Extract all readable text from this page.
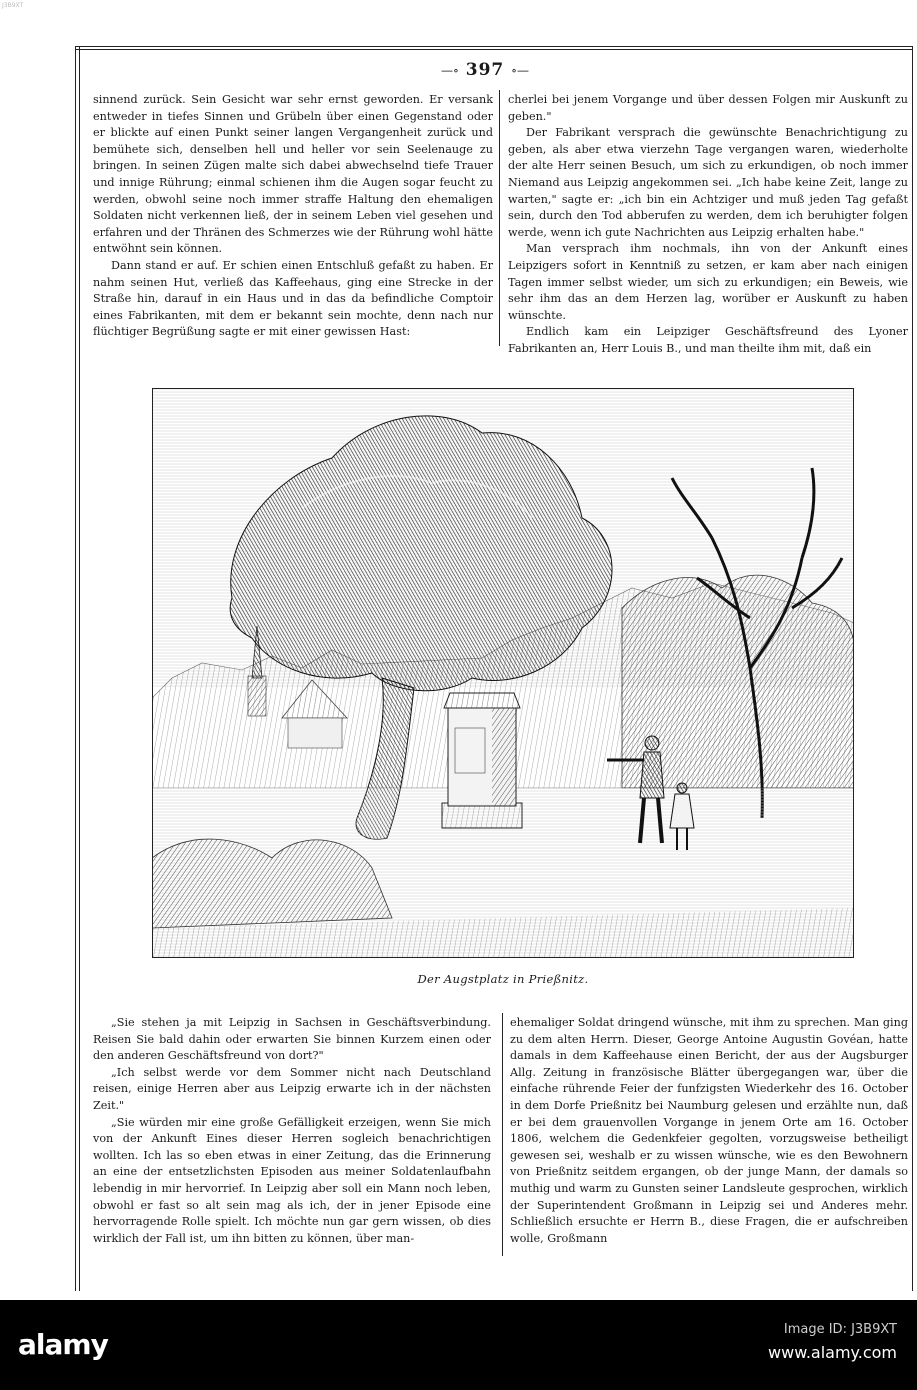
J3B9XT
—∘ 397 ∘—

sinnend zurück. Sein Gesicht war sehr ernst geworden. Er versank entweder in tiefes Sinnen und Grübeln über einen Gegenstand oder er blickte auf einen Punkt seiner langen Vergangenheit zurück und bemühete sich, denselben hell und heller vor sein Seelenauge zu bringen. In seinen Zügen malte sich dabei abwechselnd tiefe Trauer und innige Rührung; einmal schienen ihm die Augen sogar feucht zu werden, obwohl seine noch immer straffe Haltung den ehemaligen Soldaten nicht verkennen ließ, der in seinem Leben viel gesehen und erfahren und der Thränen des Schmerzes wie der Rührung wohl hätte entwöhnt sein können.

Dann stand er auf. Er schien einen Entschluß gefaßt zu haben. Er nahm seinen Hut, verließ das Kaffeehaus, ging eine Strecke in der Straße hin, darauf in ein Haus und in das da befindliche Comptoir eines Fabrikanten, mit dem er bekannt sein mochte, denn nach nur flüchtiger Begrüßung sagte er mit einer gewissen Hast:

cherlei bei jenem Vorgange und über dessen Folgen mir Auskunft zu geben."

Der Fabrikant versprach die gewünschte Benachrichtigung zu geben, als aber etwa vierzehn Tage vergangen waren, wiederholte der alte Herr seinen Besuch, um sich zu erkundigen, ob noch immer Niemand aus Leipzig angekommen sei. „Ich habe keine Zeit, lange zu warten," sagte er: „ich bin ein Achtziger und muß jeden Tag gefaßt sein, durch den Tod abberufen zu werden, dem ich beruhigter folgen werde, wenn ich gute Nachrichten aus Leipzig erhalten habe."

Man versprach ihm nochmals, ihn von der Ankunft eines Leipzigers sofort in Kenntniß zu setzen, er kam aber nach einigen Tagen immer selbst wieder, um sich zu erkundigen; ein Beweis, wie sehr ihm das an dem Herzen lag, worüber er Auskunft zu haben wünschte.

Endlich kam ein Leipziger Geschäftsfreund des Lyoner Fabrikanten an, Herr Louis B., und man theilte ihm mit, daß ein

Der Augstplatz in Prießnitz.

„Sie stehen ja mit Leipzig in Sachsen in Geschäftsverbindung. Reisen Sie bald dahin oder erwarten Sie binnen Kurzem einen oder den anderen Geschäftsfreund von dort?"

„Ich selbst werde vor dem Sommer nicht nach Deutschland reisen, einige Herren aber aus Leipzig erwarte ich in der nächsten Zeit."

„Sie würden mir eine große Gefälligkeit erzeigen, wenn Sie mich von der Ankunft Eines dieser Herren sogleich benachrichtigen wollten. Ich las so eben etwas in einer Zeitung, das die Erinnerung an eine der entsetzlichsten Episoden aus meiner Soldatenlaufbahn lebendig in mir hervorrief. In Leipzig aber soll ein Mann noch leben, obwohl er fast so alt sein mag als ich, der in jener Episode eine hervorragende Rolle spielt. Ich möchte nun gar gern wissen, ob dies wirklich der Fall ist, um ihn bitten zu können, über man-

ehemaliger Soldat dringend wünsche, mit ihm zu sprechen. Man ging zu dem alten Herrn. Dieser, George Antoine Augustin Govéan, hatte damals in dem Kaffeehause einen Bericht, der aus der Augsburger Allg. Zeitung in französische Blätter übergegangen war, über die einfache rührende Feier der funfzigsten Wiederkehr des 16. October in dem Dorfe Prießnitz bei Naumburg gelesen und erzählte nun, daß er bei dem grauenvollen Vorgange in jenem Orte am 16. October 1806, welchem die Gedenkfeier gegolten, vorzugsweise betheiligt gewesen sei, weshalb er zu wissen wünsche, wie es den Bewohnern von Prießnitz seitdem ergangen, ob der junge Mann, der damals so muthig und warm zu Gunsten seiner Landsleute gesprochen, wirklich der Superintendent Großmann in Leipzig sei und Anderes mehr. Schließlich ersuchte er Herrn B., diese Fragen, die er aufschreiben wolle, Großmann

alamy	Image ID: J3B9XT
www.alamy.com
